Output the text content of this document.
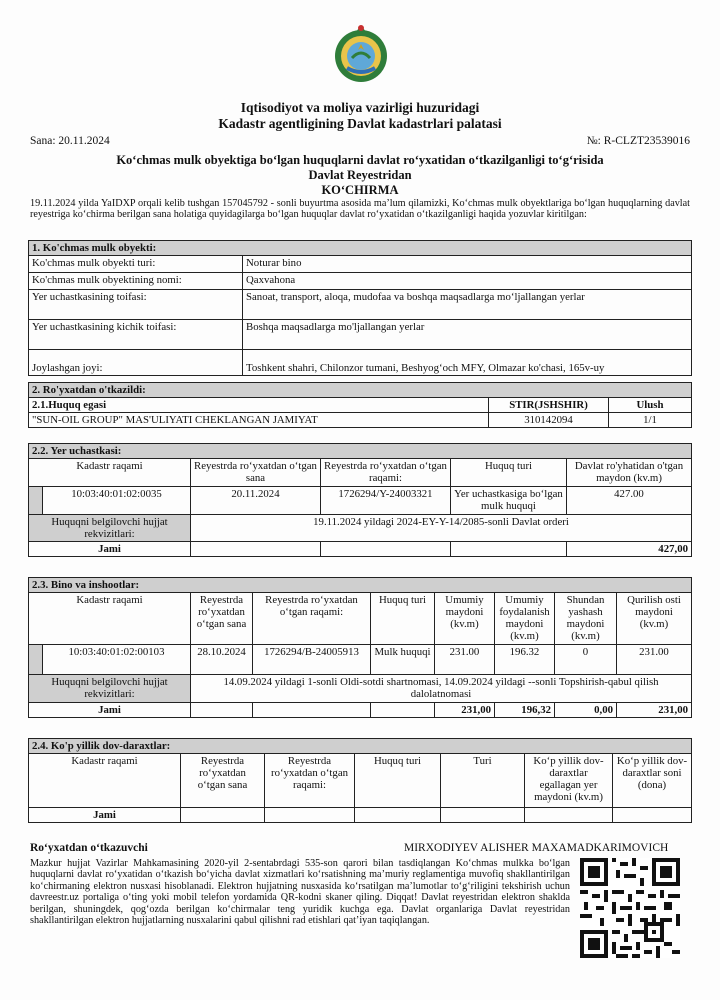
Iqtisodiyot va moliya vazirligi huzuridagi
Kadastr agentligining Davlat kadastrlari palatasi
Sana: 20.11.2024	№: R-CLZT23539016
Koʻchmas mulk obyektiga boʻlgan huquqlarni davlat roʻyxatidan oʻtkazilganligi toʻgʻrisida
Davlat Reyestridan
KOʻCHIRMA
19.11.2024 yilda YaIDXP orqali kelib tushgan 157045792 - sonli buyurtma asosida maʼlum qilamizki, Koʻchmas mulk obyektlariga boʻlgan huquqlarning davlat reyestriga koʻchirma berilgan sana holatiga quyidagilarga boʻlgan huquqlar davlat roʻyxatidan oʻtkazilganligi haqida yozuvlar kiritilgan:
1. Ko'chmas mulk obyekti:	
Ko'chmas mulk obyekti turi:	Noturar bino
Ko'chmas mulk obyektining nomi:	Qaxvahona
Yer uchastkasining toifasi:	Sanoat, transport, aloqa, mudofaa va boshqa maqsadlarga moʻljallangan yerlar
Yer uchastkasining kichik toifasi:	Boshqa maqsadlarga mo'ljallangan yerlar
Joylashgan joyi:	Toshkent shahri, Chilonzor tumani, Beshyogʻoch MFY, Olmazar ko'chasi, 165v-uy
2. Ro'yxatdan o'tkazildi:		
2.1.Huquq egasi	STIR(JSHSHIR)	Ulush
"SUN-OIL GROUP" MAS'ULIYATI CHEKLANGAN JAMIYAT	310142094	1/1
2.2. Yer uchastkasi:					
Kadastr raqami		Reyestrda roʻyxatdan oʻtgan sana	Reyestrda roʻyxatdan oʻtgan raqami:	Huquq turi	Davlat ro'yhatidan o'tgan maydon (kv.m)
	10:03:40:01:02:0035	20.11.2024	1726294/Y-24003321	Yer uchastkasiga boʻlgan mulk huquqi	427.00
Huquqni belgilovchi hujjat rekvizitlari:		19.11.2024 yildagi 2024-EY-Y-14/2085-sonli Davlat orderi			
Jami					427,00
2.3. Bino va inshootlar:								
Kadastr raqami		Reyestrda roʻyxatdan oʻtgan sana	Reyestrda roʻyxatdan oʻtgan raqami:	Huquq turi	Umumiy maydoni (kv.m)	Umumiy foydalanish maydoni (kv.m)	Shundan yashash maydoni (kv.m)	Qurilish osti maydoni (kv.m)
	10:03:40:01:02:00103	28.10.2024	1726294/B-24005913	Mulk huquqi	231.00	196.32	0	231.00
Huquqni belgilovchi hujjat rekvizitlari:		14.09.2024 yildagi 1-sonli Oldi-sotdi shartnomasi, 14.09.2024 yildagi --sonli Topshirish-qabul qilish dalolatnomasi						
Jami					231,00	196,32	0,00	231,00
2.4. Ko'p yillik dov-daraxtlar:						
Kadastr raqami	Reyestrda roʻyxatdan oʻtgan sana	Reyestrda roʻyxatdan oʻtgan raqami:	Huquq turi	Turi	Koʻp yillik dov-daraxtlar egallagan yer maydoni (kv.m)	Koʻp yillik dov-daraxtlar soni (dona)
Jami						
Roʻyxatdan oʻtkazuvchi	MIRXODIYEV ALISHER MAXAMADKARIMOVICH
Mazkur hujjat Vazirlar Mahkamasining 2020-yil 2-sentabrdagi 535-son qarori bilan tasdiqlangan Koʻchmas mulkka boʻlgan huquqlarni davlat roʻyxatidan oʻtkazish boʻyicha davlat xizmatlari koʻrsatishning maʼmuriy reglamentiga muvofiq shakllantirilgan koʻchirmaning elektron nusxasi hisoblanadi. Elektron hujjatning nusxasida koʻrsatilgan maʼlumotlar toʻgʻriligini tekshirish uchun davreestr.uz portaliga oʻting yoki mobil telefon yordamida QR-kodni skaner qiling. Diqqat! Davlat reyestridan elektron shaklda berilgan, shuningdek, qogʻozda berilgan koʻchirmalar teng yuridik kuchga ega. Davlat organlariga Davlat reyestridan shakllantirilgan elektron hujjatlarning nusxalarini qabul qilishni rad etishlari qatʼiyan taqiqlangan.
